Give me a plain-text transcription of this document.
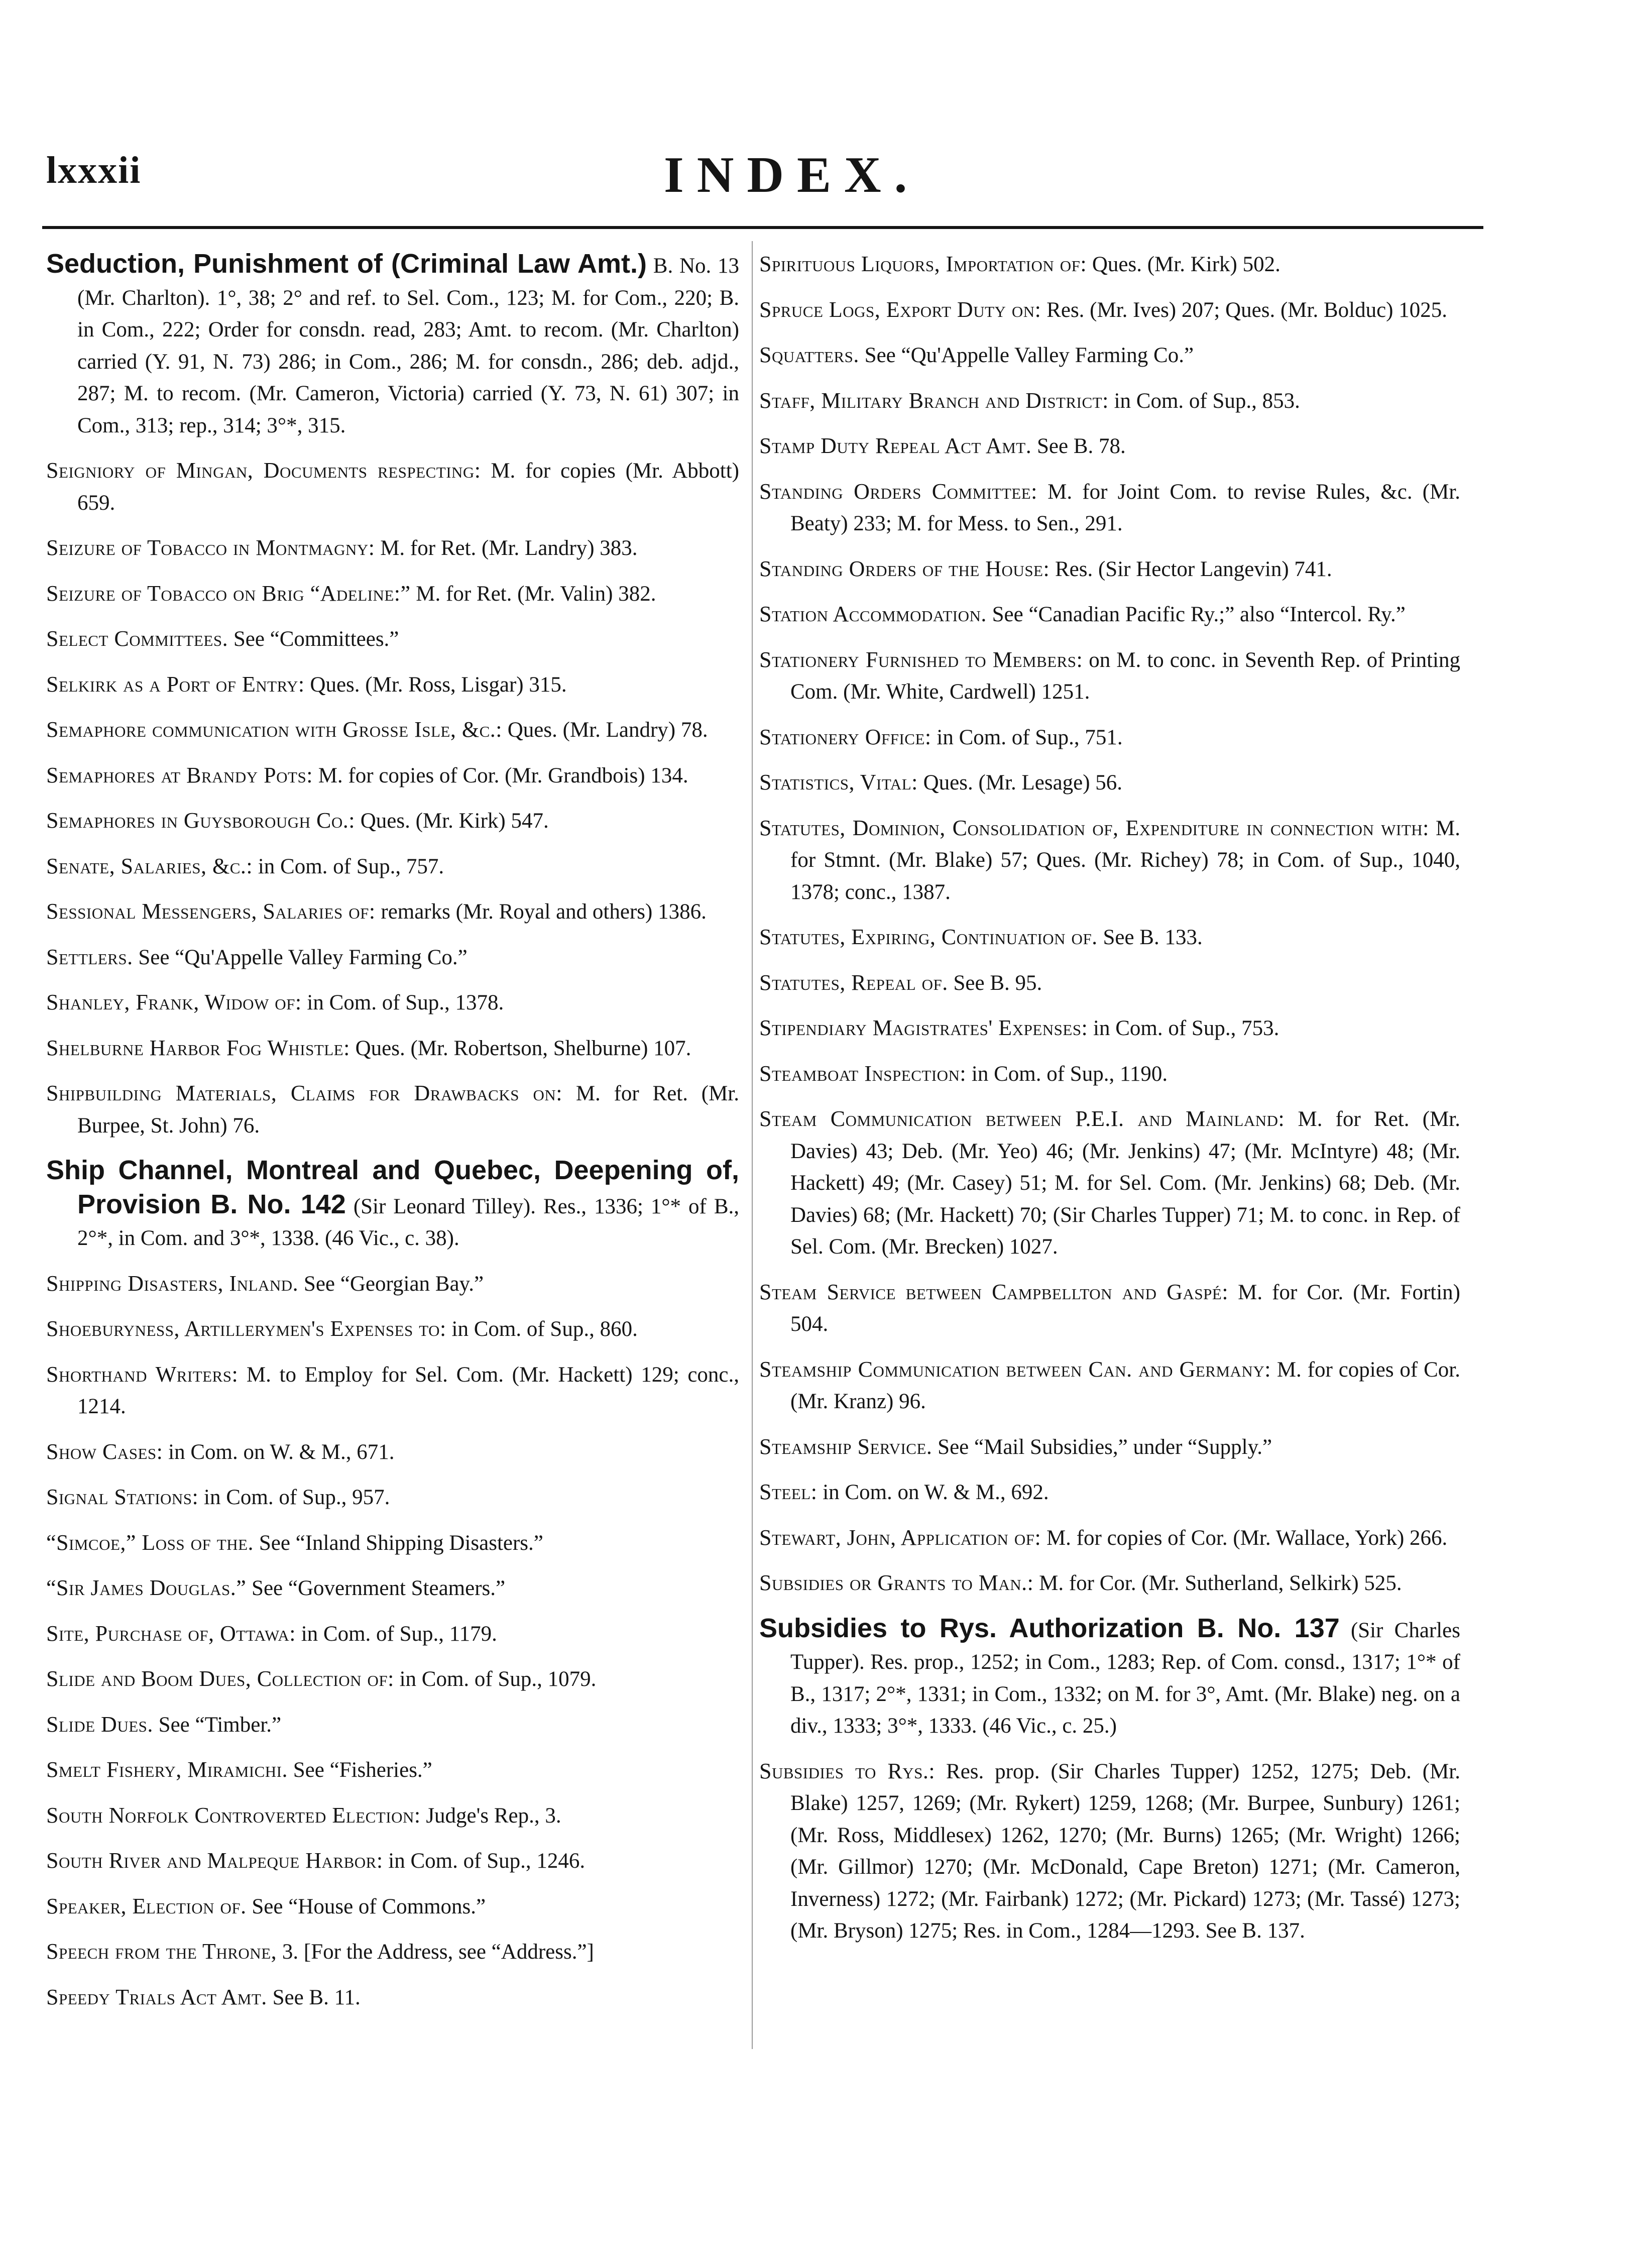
lxxxii	INDEX.

Seduction, Punishment of (Criminal Law Amt.) B. No. 13 (Mr. Charlton). 1°, 38; 2° and ref. to Sel. Com., 123; M. for Com., 220; B. in Com., 222; Order for consdn. read, 283; Amt. to recom. (Mr. Charlton) carried (Y. 91, N. 73) 286; in Com., 286; M. for consdn., 286; deb. adjd., 287; M. to recom. (Mr. Cameron, Victoria) carried (Y. 73, N. 61) 307; in Com., 313; rep., 314; 3°*, 315.

Seigniory of Mingan, Documents respecting: M. for copies (Mr. Abbott) 659.

Seizure of Tobacco in Montmagny: M. for Ret. (Mr. Landry) 383.

Seizure of Tobacco on Brig “Adeline:” M. for Ret. (Mr. Valin) 382.

Select Committees. See “Committees.”

Selkirk as a Port of Entry: Ques. (Mr. Ross, Lisgar) 315.

Semaphore communication with Grosse Isle, &c.: Ques. (Mr. Landry) 78.

Semaphores at Brandy Pots: M. for copies of Cor. (Mr. Grandbois) 134.

Semaphores in Guysborough Co.: Ques. (Mr. Kirk) 547.

Senate, Salaries, &c.: in Com. of Sup., 757.

Sessional Messengers, Salaries of: remarks (Mr. Royal and others) 1386.

Settlers. See “Qu'Appelle Valley Farming Co.”

Shanley, Frank, Widow of: in Com. of Sup., 1378.

Shelburne Harbor Fog Whistle: Ques. (Mr. Robertson, Shelburne) 107.

Shipbuilding Materials, Claims for Drawbacks on: M. for Ret. (Mr. Burpee, St. John) 76.

Ship Channel, Montreal and Quebec, Deepening of, Provision B. No. 142 (Sir Leonard Tilley). Res., 1336; 1°* of B., 2°*, in Com. and 3°*, 1338. (46 Vic., c. 38).

Shipping Disasters, Inland. See “Georgian Bay.”

Shoeburyness, Artillerymen's Expenses to: in Com. of Sup., 860.

Shorthand Writers: M. to Employ for Sel. Com. (Mr. Hackett) 129; conc., 1214.

Show Cases: in Com. on W. & M., 671.

Signal Stations: in Com. of Sup., 957.

“Simcoe,” Loss of the. See “Inland Shipping Disasters.”

“Sir James Douglas.” See “Government Steamers.”

Site, Purchase of, Ottawa: in Com. of Sup., 1179.

Slide and Boom Dues, Collection of: in Com. of Sup., 1079.

Slide Dues. See “Timber.”

Smelt Fishery, Miramichi. See “Fisheries.”

South Norfolk Controverted Election: Judge's Rep., 3.

South River and Malpeque Harbor: in Com. of Sup., 1246.

Speaker, Election of. See “House of Commons.”

Speech from the Throne, 3. [For the Address, see “Address.”]

Speedy Trials Act Amt. See B. 11.

Spirituous Liquors, Importation of: Ques. (Mr. Kirk) 502.

Spruce Logs, Export Duty on: Res. (Mr. Ives) 207; Ques. (Mr. Bolduc) 1025.

Squatters. See “Qu'Appelle Valley Farming Co.”

Staff, Military Branch and District: in Com. of Sup., 853.

Stamp Duty Repeal Act Amt. See B. 78.

Standing Orders Committee: M. for Joint Com. to revise Rules, &c. (Mr. Beaty) 233; M. for Mess. to Sen., 291.

Standing Orders of the House: Res. (Sir Hector Langevin) 741.

Station Accommodation. See “Canadian Pacific Ry.;” also “Intercol. Ry.”

Stationery Furnished to Members: on M. to conc. in Seventh Rep. of Printing Com. (Mr. White, Cardwell) 1251.

Stationery Office: in Com. of Sup., 751.

Statistics, Vital: Ques. (Mr. Lesage) 56.

Statutes, Dominion, Consolidation of, Expenditure in connection with: M. for Stmnt. (Mr. Blake) 57; Ques. (Mr. Richey) 78; in Com. of Sup., 1040, 1378; conc., 1387.

Statutes, Expiring, Continuation of. See B. 133.

Statutes, Repeal of. See B. 95.

Stipendiary Magistrates' Expenses: in Com. of Sup., 753.

Steamboat Inspection: in Com. of Sup., 1190.

Steam Communication between P.E.I. and Mainland: M. for Ret. (Mr. Davies) 43; Deb. (Mr. Yeo) 46; (Mr. Jenkins) 47; (Mr. McIntyre) 48; (Mr. Hackett) 49; (Mr. Casey) 51; M. for Sel. Com. (Mr. Jenkins) 68; Deb. (Mr. Davies) 68; (Mr. Hackett) 70; (Sir Charles Tupper) 71; M. to conc. in Rep. of Sel. Com. (Mr. Brecken) 1027.

Steam Service between Campbellton and Gaspé: M. for Cor. (Mr. Fortin) 504.

Steamship Communication between Can. and Germany: M. for copies of Cor. (Mr. Kranz) 96.

Steamship Service. See “Mail Subsidies,” under “Supply.”

Steel: in Com. on W. & M., 692.

Stewart, John, Application of: M. for copies of Cor. (Mr. Wallace, York) 266.

Subsidies or Grants to Man.: M. for Cor. (Mr. Sutherland, Selkirk) 525.

Subsidies to Rys. Authorization B. No. 137 (Sir Charles Tupper). Res. prop., 1252; in Com., 1283; Rep. of Com. consd., 1317; 1°* of B., 1317; 2°*, 1331; in Com., 1332; on M. for 3°, Amt. (Mr. Blake) neg. on a div., 1333; 3°*, 1333. (46 Vic., c. 25.)

Subsidies to Rys.: Res. prop. (Sir Charles Tupper) 1252, 1275; Deb. (Mr. Blake) 1257, 1269; (Mr. Rykert) 1259, 1268; (Mr. Burpee, Sunbury) 1261; (Mr. Ross, Middlesex) 1262, 1270; (Mr. Burns) 1265; (Mr. Wright) 1266; (Mr. Gillmor) 1270; (Mr. McDonald, Cape Breton) 1271; (Mr. Cameron, Inverness) 1272; (Mr. Fairbank) 1272; (Mr. Pickard) 1273; (Mr. Tassé) 1273; (Mr. Bryson) 1275; Res. in Com., 1284—1293. See B. 137.
